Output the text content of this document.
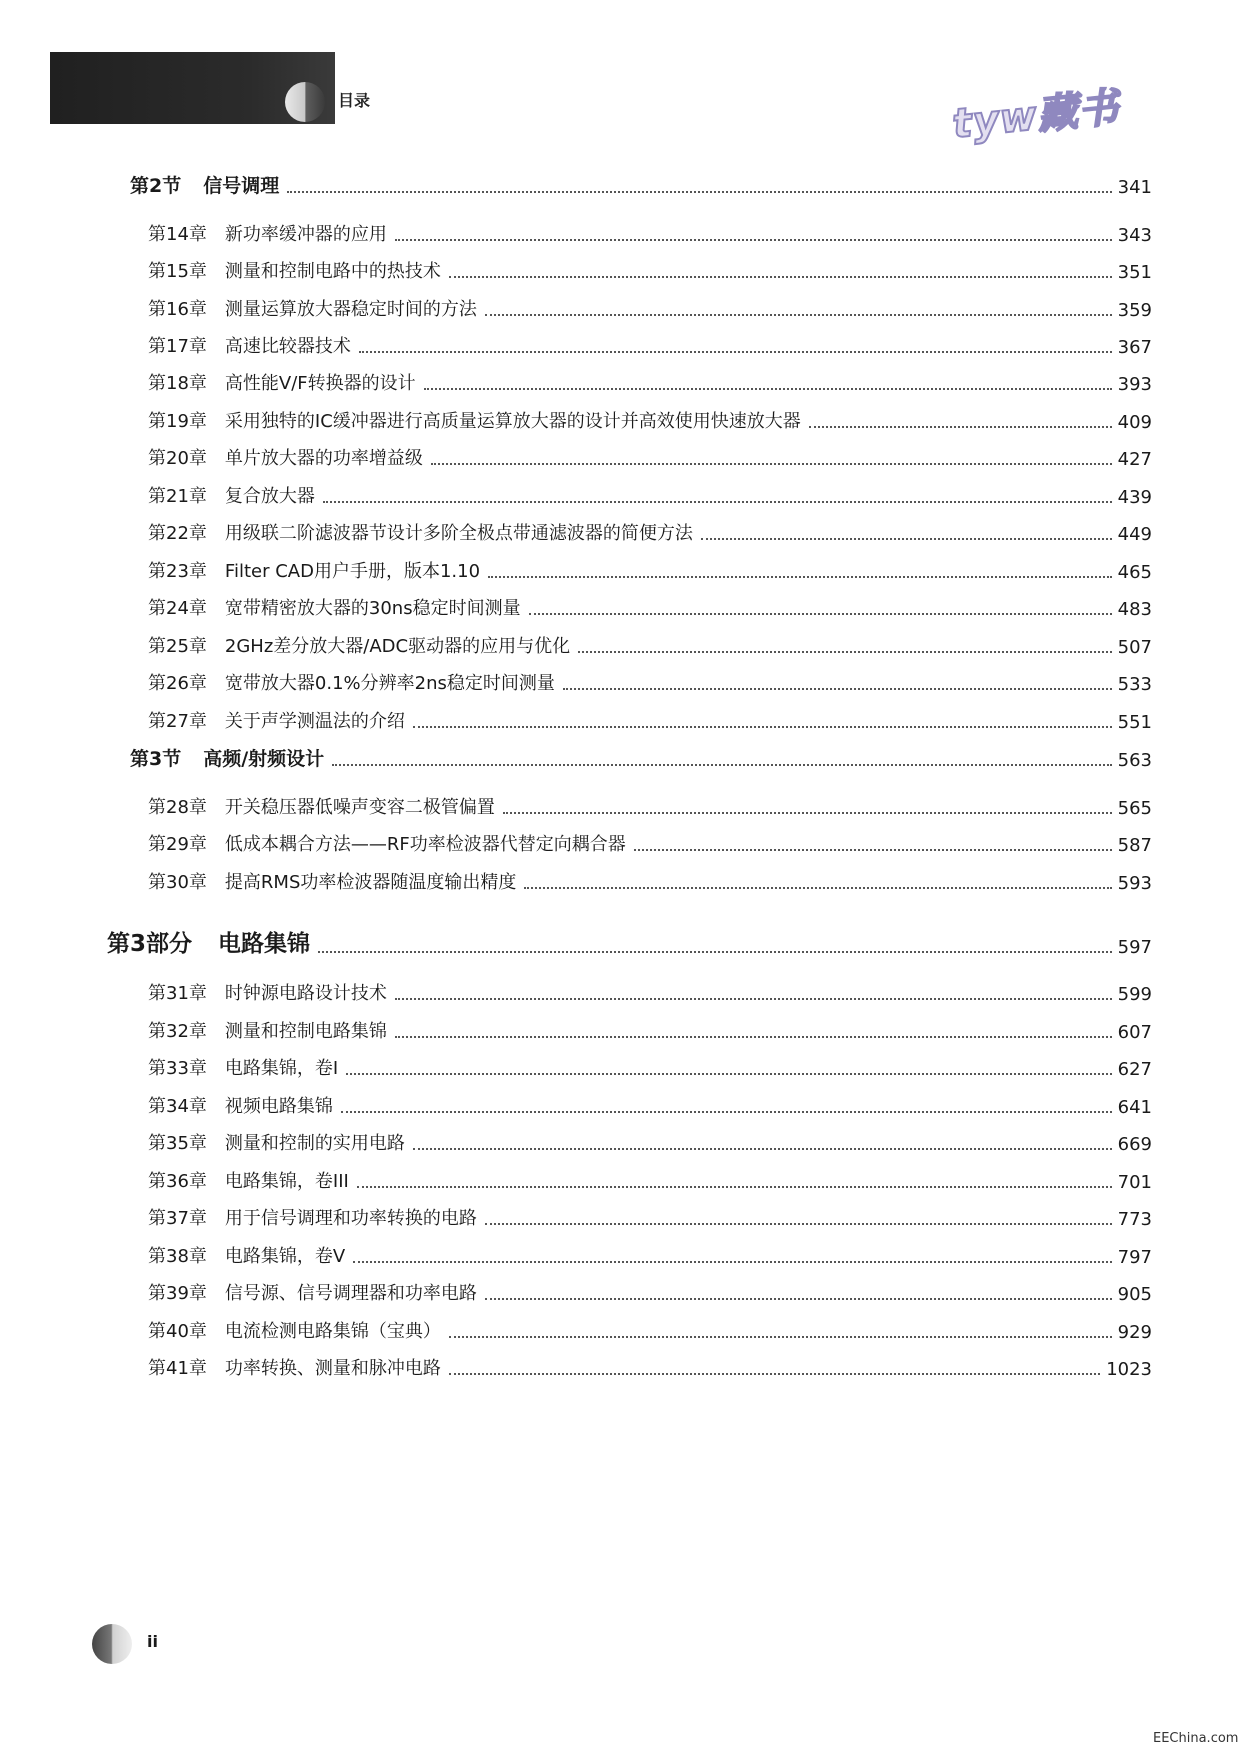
目录	tyw藏书
第2节	信号调理	341
第14章	新功率缓冲器的应用	343
第15章	测量和控制电路中的热技术	351
第16章	测量运算放大器稳定时间的方法	359
第17章	高速比较器技术	367
第18章	高性能V/F转换器的设计	393
第19章	采用独特的IC缓冲器进行高质量运算放大器的设计并高效使用快速放大器	409
第20章	单片放大器的功率增益级	427
第21章	复合放大器	439
第22章	用级联二阶滤波器节设计多阶全极点带通滤波器的简便方法	449
第23章	Filter CAD用户手册，版本1.10	465
第24章	宽带精密放大器的30ns稳定时间测量	483
第25章	2GHz差分放大器/ADC驱动器的应用与优化	507
第26章	宽带放大器0.1%分辨率2ns稳定时间测量	533
第27章	关于声学测温法的介绍	551
第3节	高频/射频设计	563
第28章	开关稳压器低噪声变容二极管偏置	565
第29章	低成本耦合方法——RF功率检波器代替定向耦合器	587
第30章	提高RMS功率检波器随温度输出精度	593
第3部分	电路集锦	597
第31章	时钟源电路设计技术	599
第32章	测量和控制电路集锦	607
第33章	电路集锦，卷I	627
第34章	视频电路集锦	641
第35章	测量和控制的实用电路	669
第36章	电路集锦，卷III	701
第37章	用于信号调理和功率转换的电路	773
第38章	电路集锦，卷V	797
第39章	信号源、信号调理器和功率电路	905
第40章	电流检测电路集锦（宝典）	929
第41章	功率转换、测量和脉冲电路	1023
ii
EEChina.com
